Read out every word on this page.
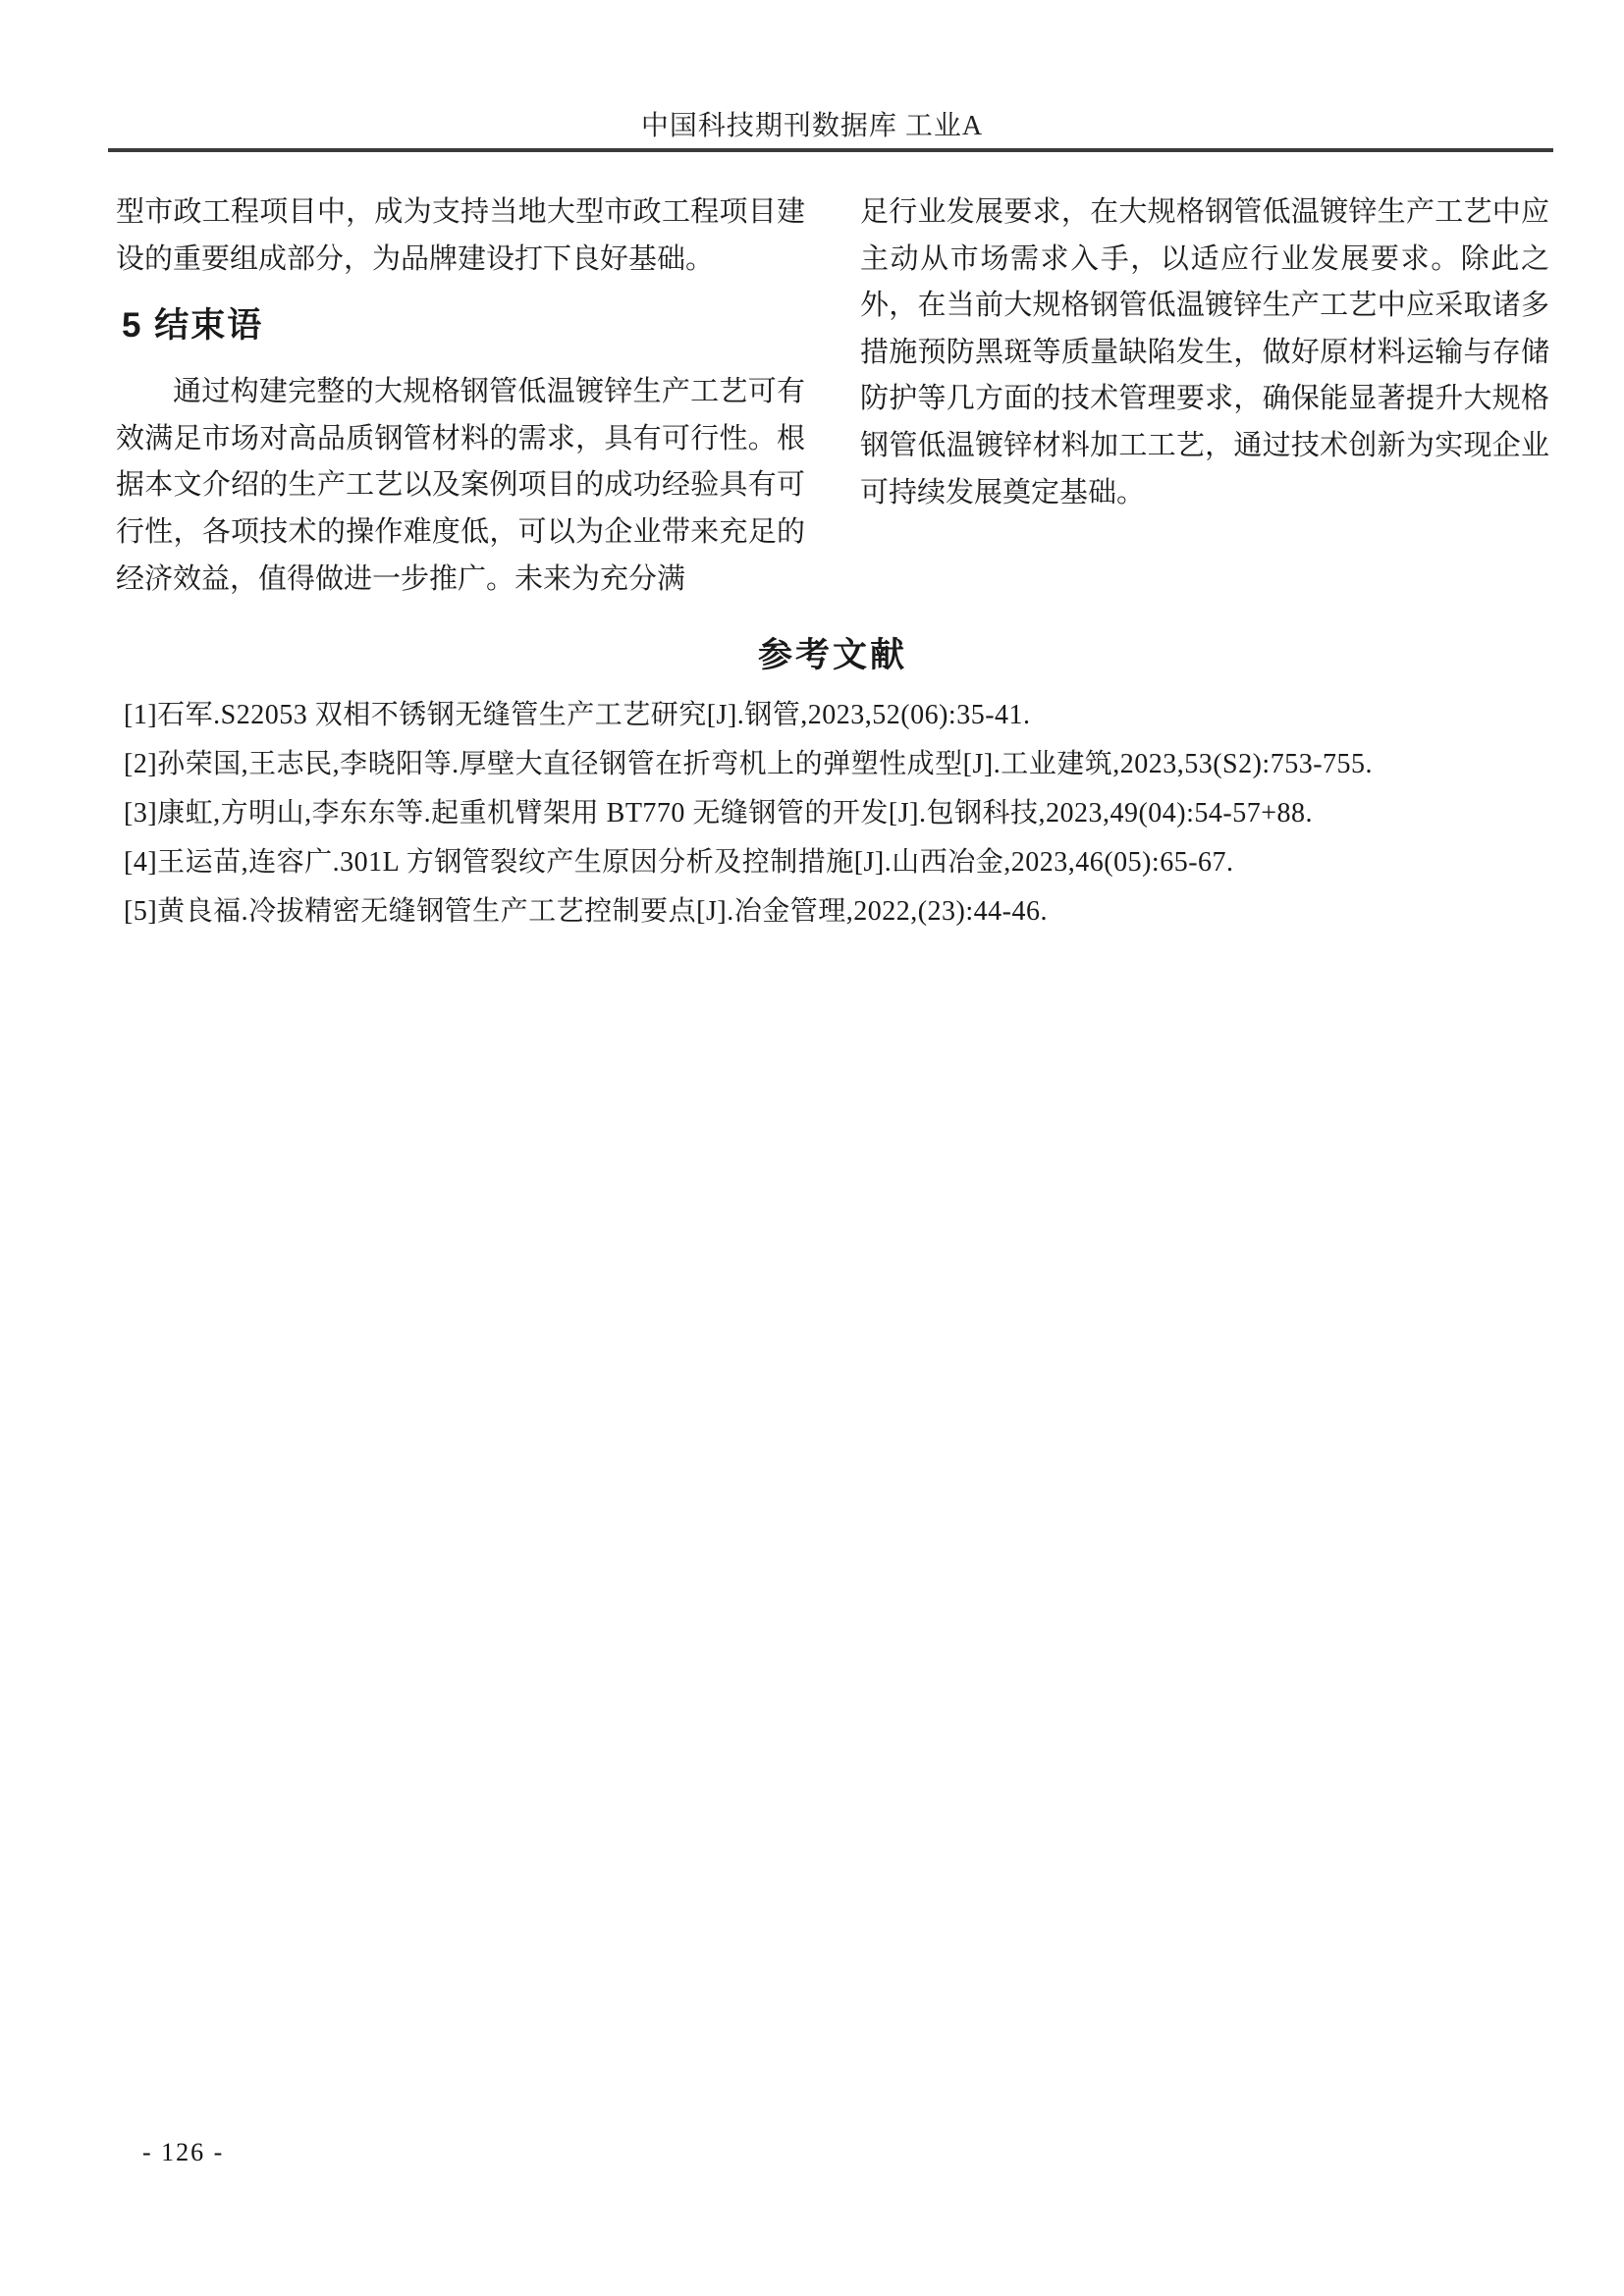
中国科技期刊数据库 工业A

型市政工程项目中，成为支持当地大型市政工程项目建设的重要组成部分，为品牌建设打下良好基础。

5 结束语

通过构建完整的大规格钢管低温镀锌生产工艺可有效满足市场对高品质钢管材料的需求，具有可行性。根据本文介绍的生产工艺以及案例项目的成功经验具有可行性，各项技术的操作难度低，可以为企业带来充足的经济效益，值得做进一步推广。未来为充分满

足行业发展要求，在大规格钢管低温镀锌生产工艺中应主动从市场需求入手，以适应行业发展要求。除此之外，在当前大规格钢管低温镀锌生产工艺中应采取诸多措施预防黑斑等质量缺陷发生，做好原材料运输与存储防护等几方面的技术管理要求，确保能显著提升大规格钢管低温镀锌材料加工工艺，通过技术创新为实现企业可持续发展奠定基础。

参考文献
[1]石军.S22053 双相不锈钢无缝管生产工艺研究[J].钢管,2023,52(06):35-41.
[2]孙荣国,王志民,李晓阳等.厚壁大直径钢管在折弯机上的弹塑性成型[J].工业建筑,2023,53(S2):753-755.
[3]康虹,方明山,李东东等.起重机臂架用 BT770 无缝钢管的开发[J].包钢科技,2023,49(04):54-57+88.
[4]王运苗,连容广.301L 方钢管裂纹产生原因分析及控制措施[J].山西冶金,2023,46(05):65-67.
[5]黄良福.冷拔精密无缝钢管生产工艺控制要点[J].冶金管理,2022,(23):44-46.
- 126 -
